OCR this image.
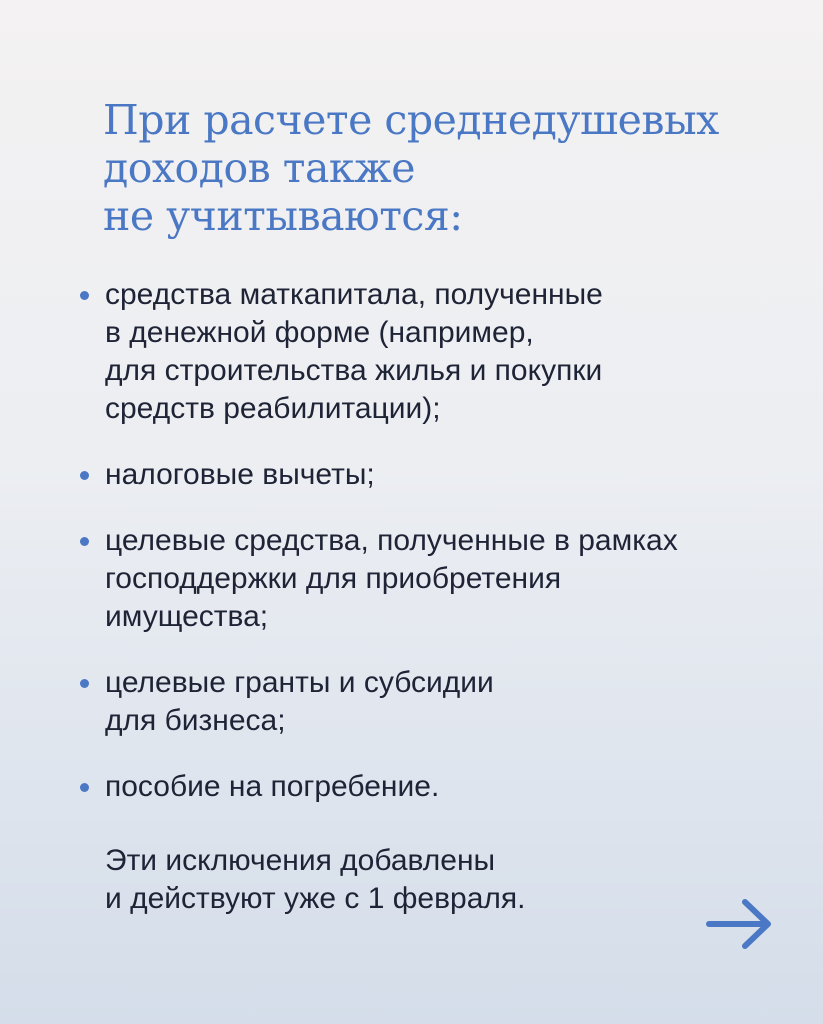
При расчете среднедушевых
доходов также
не учитываются:
средства маткапитала, полученные
в денежной форме (например,
для строительства жилья и покупки
средств реабилитации);
налоговые вычеты;
целевые средства, полученные в рамках
господдержки для приобретения
имущества;
целевые гранты и субсидии
для бизнеса;
пособие на погребение.

Эти исключения добавлены
и действуют уже с 1 февраля.
